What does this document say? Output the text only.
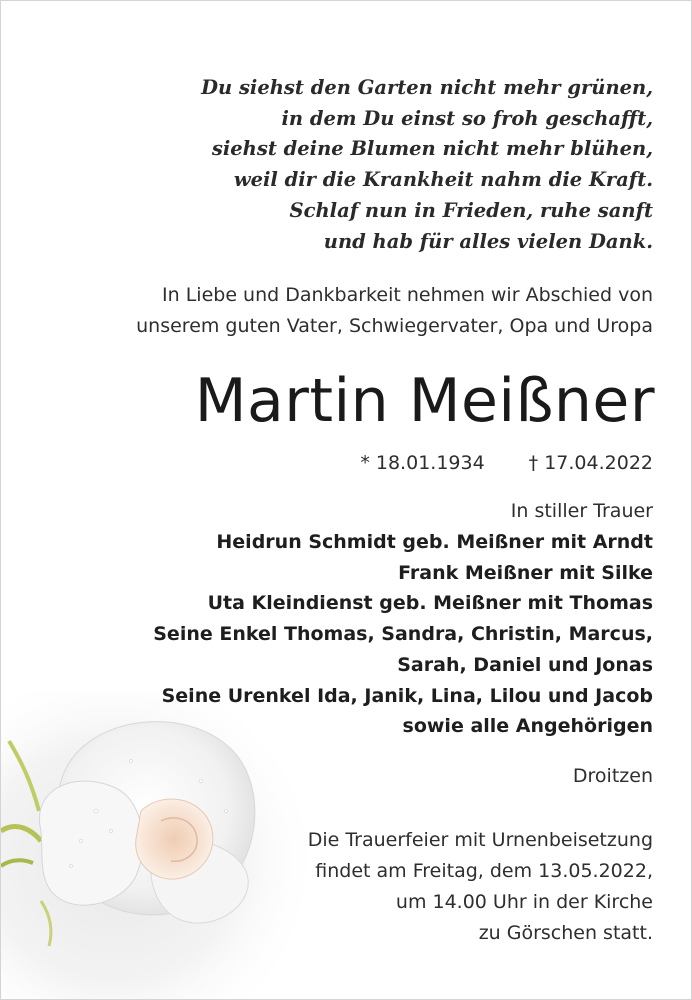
Du siehst den Garten nicht mehr grünen,
in dem Du einst so froh geschafft,
siehst deine Blumen nicht mehr blühen,
weil dir die Krankheit nahm die Kraft.
Schlaf nun in Frieden, ruhe sanft
und hab für alles vielen Dank.
In Liebe und Dankbarkeit nehmen wir Abschied von
unserem guten Vater, Schwiegervater, Opa und Uropa
Martin Meißner
* 18.01.1934 † 17.04.2022
In stiller Trauer
Heidrun Schmidt geb. Meißner mit Arndt
Frank Meißner mit Silke
Uta Kleindienst geb. Meißner mit Thomas
Seine Enkel Thomas, Sandra, Christin, Marcus,
Sarah, Daniel und Jonas
Seine Urenkel Ida, Janik, Lina, Lilou und Jacob
sowie alle Angehörigen
Droitzen
Die Trauerfeier mit Urnenbeisetzung
findet am Freitag, dem 13.05.2022,
um 14.00 Uhr in der Kirche
zu Görschen statt.
